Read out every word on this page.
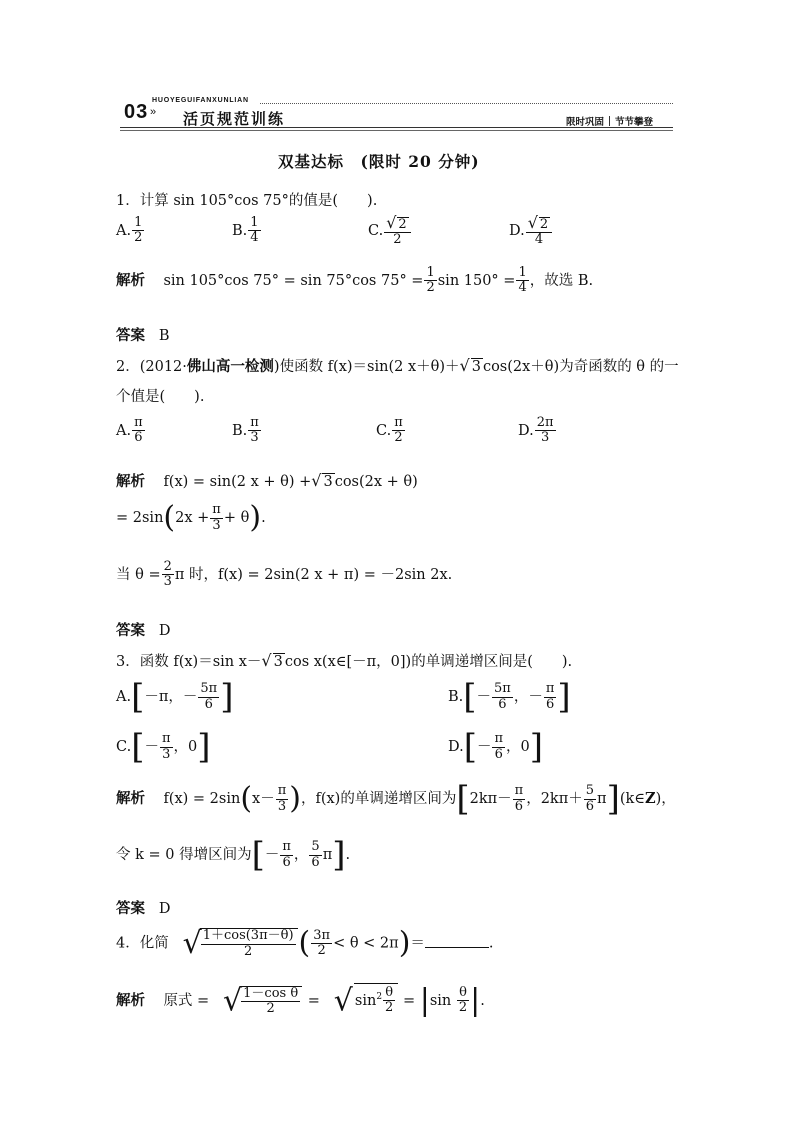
HUOYEGUIFANXUNLIAN
03 » 活页规范训练	限时巩固 节节攀登
双基达标　(限时 20 分钟)
1．计算 sin 105°cos 75°的值是(　　).
A. $\frac{1}{2}$	B. $\frac{1}{4}$	C. $\frac{√ 2}{2}$	D. $\frac{√ 2}{4}$
解析 sin 105°cos 75° = sin 75°cos $75^\circ = \frac{1}{2}$ $\sin 150^\circ = \frac{1}{4}$ ，故选 B.
答案 B
2．(2012·佛山高一检测)使函数 f(x)＝sin(2 x＋θ)＋√ 3 cos(2x＋θ)为奇函数的 θ 的一
个值是(　　).
A. $\frac{\pi}{6}$	B. $\frac{\pi}{3}$	C. $\frac{\pi}{2}$	D. $\frac{2\pi}{3}$
解析 f(x) = sin(2 x + θ) +√ 3 cos(2x + θ)
= $2\sin(2x + \frac{\pi}{3} + \theta)$.
当 $\theta = \frac{2}{3}$ π 时，f(x) = 2sin(2 x + π) = －2sin 2x.
答案 D
3．函数 f(x)＝sin x－√ 3 cos x(x∈[－π，0])的单调递增区间是(　　).
A.[－π，－ $\frac{5\pi}{6}$ ]	$B.[- \frac{5\pi}{6}$ ，－ $\frac{\pi}{6}$ ]
$C.[- \frac{\pi}{3}$ ，0]	$D.[- \frac{\pi}{6}$ ，0]
解析 $f(x) = 2\sin(x- \frac{\pi}{3}$ )，f(x)的单调递增区间为[$2k\pi- \frac{\pi}{6}$ ，$2k\pi+ \frac{5}{6}$ π](k∈Z)，
令 k = 0 得增区间为[－ $\frac{\pi}{6}$ ， $\frac{5}{6} \pi$].
答案 D
4．化简 √
$\frac{1+\cos(3\pi-\theta)}{2}$ ( $\frac{3\pi}{2} < \theta < 2\pi)=$	.
解析 原式 = √
$\frac{\text{1－cos θ}}{2}$ = √ $\sin^2 \frac{\theta}{2} = |\sin \frac{\theta}{2}$ |.
